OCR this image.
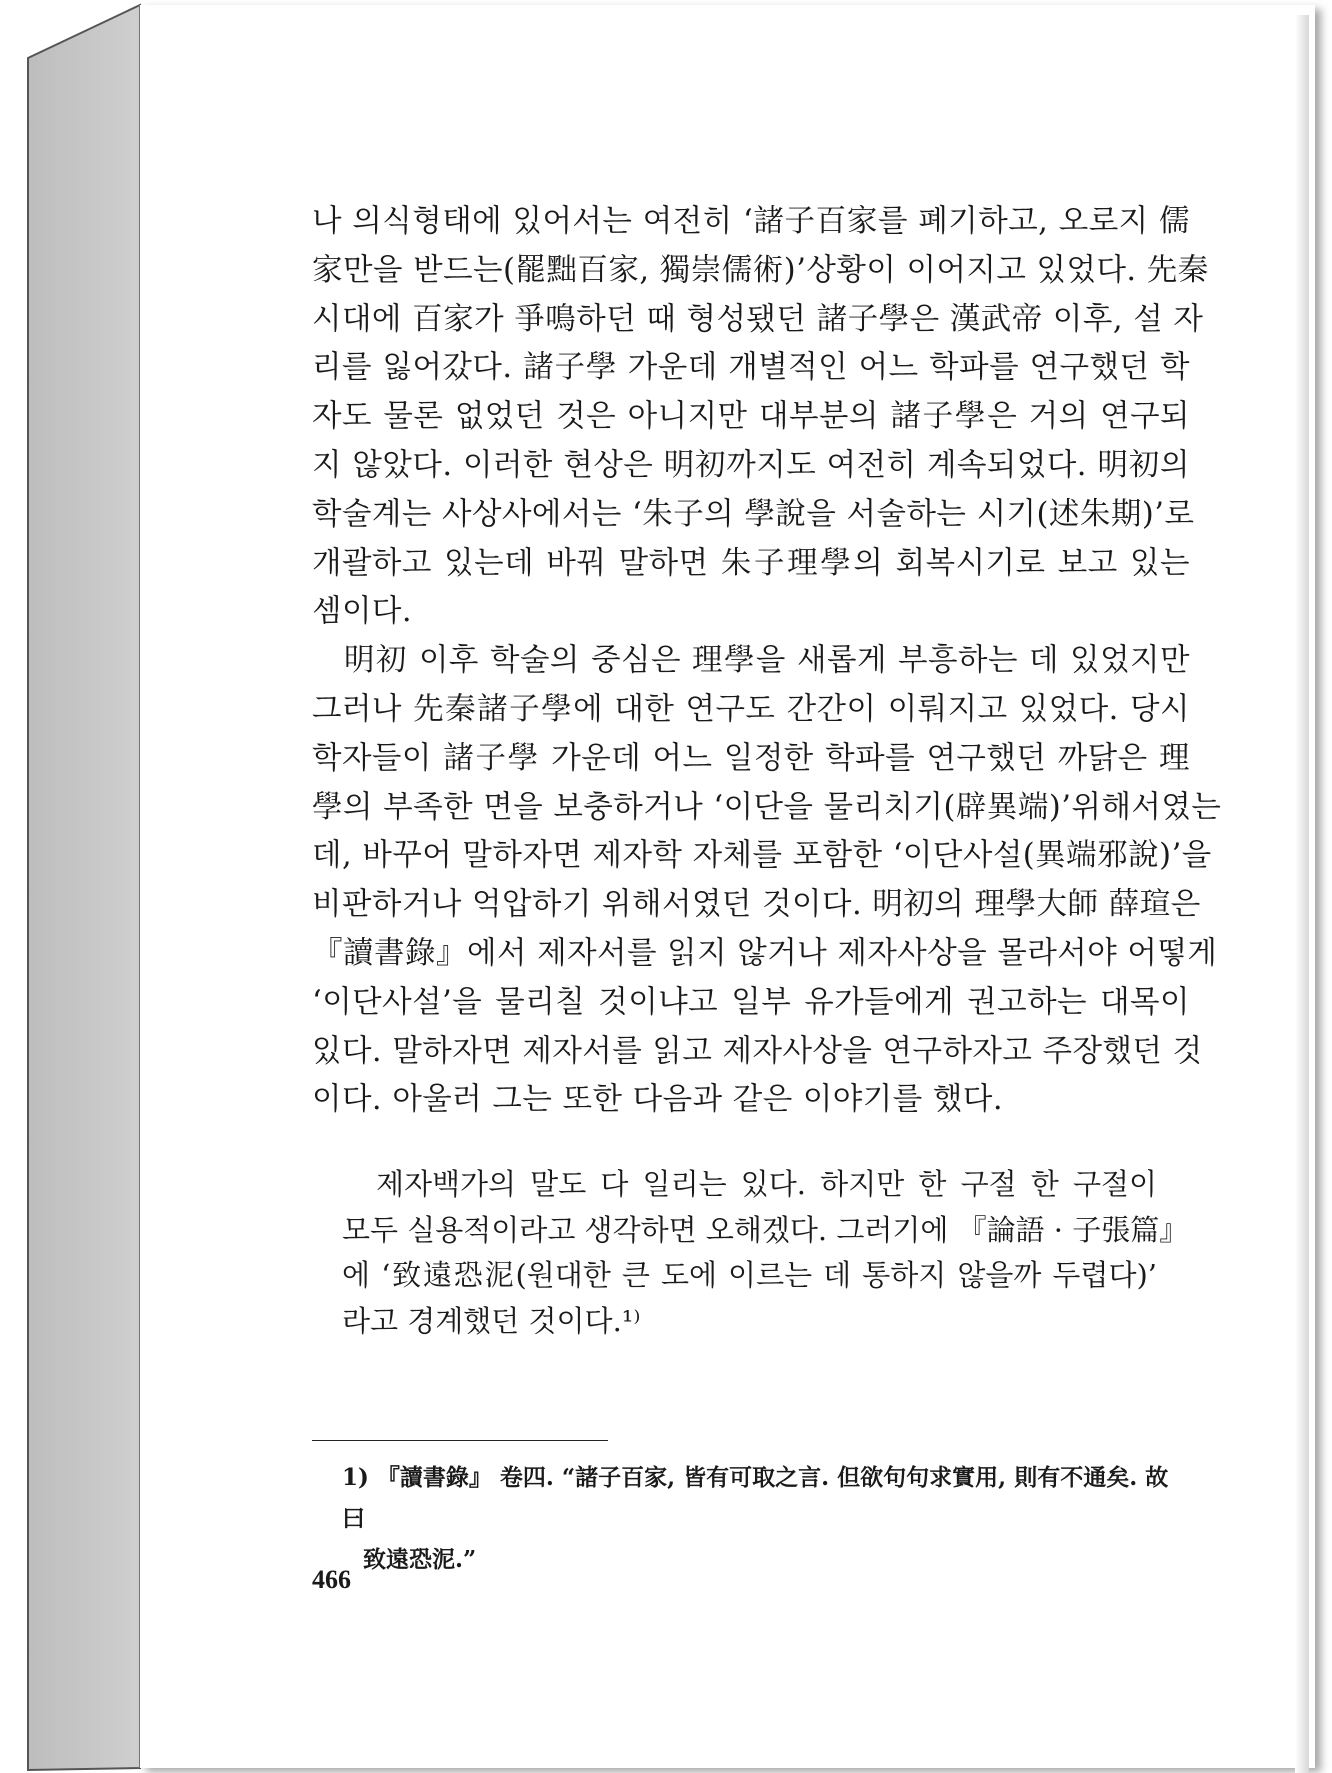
나 의식형태에 있어서는 여전히 ‘諸子百家를 폐기하고, 오로지 儒
家만을 받드는(罷黜百家, 獨崇儒術)’상황이 이어지고 있었다. 先秦
시대에 百家가 爭鳴하던 때 형성됐던 諸子學은 漢武帝 이후, 설 자
리를 잃어갔다. 諸子學 가운데 개별적인 어느 학파를 연구했던 학
자도 물론 없었던 것은 아니지만 대부분의 諸子學은 거의 연구되
지 않았다. 이러한 현상은 明初까지도 여전히 계속되었다. 明初의
학술계는 사상사에서는 ‘朱子의 學說을 서술하는 시기(述朱期)’로
개괄하고 있는데 바꿔 말하면 朱子理學의 회복시기로 보고 있는
셈이다.
　明初 이후 학술의 중심은 理學을 새롭게 부흥하는 데 있었지만
그러나 先秦諸子學에 대한 연구도 간간이 이뤄지고 있었다. 당시
학자들이 諸子學 가운데 어느 일정한 학파를 연구했던 까닭은 理
學의 부족한 면을 보충하거나 ‘이단을 물리치기(辟異端)’위해서였는
데, 바꾸어 말하자면 제자학 자체를 포함한 ‘이단사설(異端邪說)’을
비판하거나 억압하기 위해서였던 것이다. 明初의 理學大師 薛瑄은
『讀書錄』에서 제자서를 읽지 않거나 제자사상을 몰라서야 어떻게
‘이단사설’을 물리칠 것이냐고 일부 유가들에게 권고하는 대목이
있다. 말하자면 제자서를 읽고 제자사상을 연구하자고 주장했던 것
이다. 아울러 그는 또한 다음과 같은 이야기를 했다.
　제자백가의 말도 다 일리는 있다. 하지만 한 구절 한 구절이
모두 실용적이라고 생각하면 오해겠다. 그러기에 『論語 · 子張篇』
에 ‘致遠恐泥(원대한 큰 도에 이르는 데 통하지 않을까 두렵다)’
라고 경계했던 것이다.¹⁾
1) 『讀書錄』 卷四. “諸子百家, 皆有可取之言. 但欲句句求實用, 則有不通矣. 故曰
致遠恐泥.”
466
